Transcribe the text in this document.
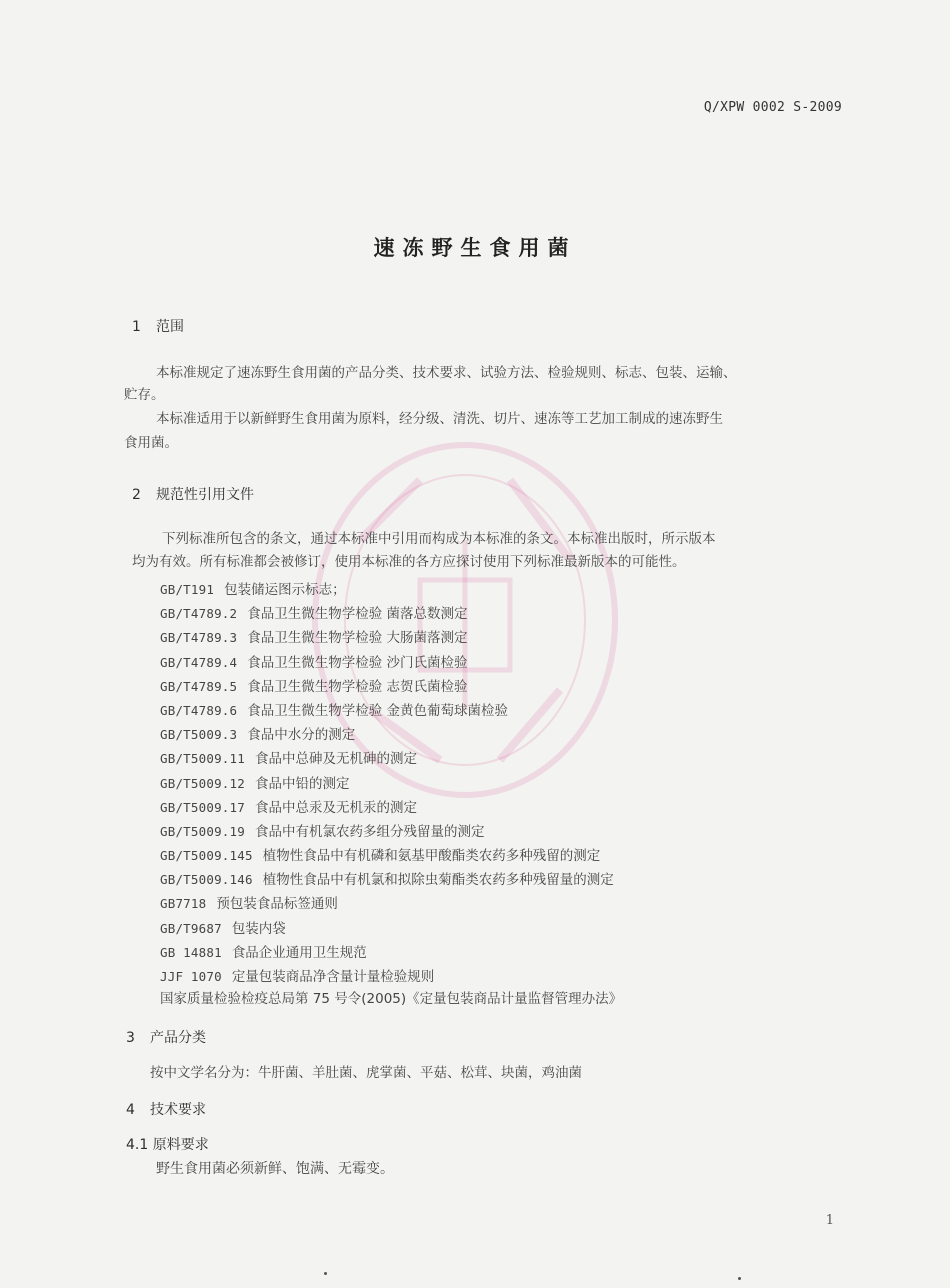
Q/XPW 0002 S-2009
速冻野生食用菌
1 范围
本标准规定了速冻野生食用菌的产品分类、技术要求、试验方法、检验规则、标志、包装、运输、
贮存。
本标准适用于以新鲜野生食用菌为原料，经分级、清洗、切片、速冻等工艺加工制成的速冻野生
食用菌。
2 规范性引用文件
下列标准所包含的条文，通过本标准中引用而构成为本标准的条文。本标准出版时，所示版本
均为有效。所有标准都会被修订，使用本标准的各方应探讨使用下列标准最新版本的可能性。
GB/T191 包装储运图示标志；
GB/T4789.2 食品卫生微生物学检验 菌落总数测定
GB/T4789.3 食品卫生微生物学检验 大肠菌落测定
GB/T4789.4 食品卫生微生物学检验 沙门氏菌检验
GB/T4789.5 食品卫生微生物学检验 志贺氏菌检验
GB/T4789.6 食品卫生微生物学检验 金黄色葡萄球菌检验
GB/T5009.3 食品中水分的测定
GB/T5009.11 食品中总砷及无机砷的测定
GB/T5009.12 食品中铅的测定
GB/T5009.17 食品中总汞及无机汞的测定
GB/T5009.19 食品中有机氯农药多组分残留量的测定
GB/T5009.145 植物性食品中有机磷和氨基甲酸酯类农药多种残留的测定
GB/T5009.146 植物性食品中有机氯和拟除虫菊酯类农药多种残留量的测定
GB7718 预包装食品标签通则
GB/T9687 包装内袋
GB 14881 食品企业通用卫生规范
JJF 1070 定量包装商品净含量计量检验规则
国家质量检验检疫总局第 75 号令(2005)《定量包装商品计量监督管理办法》
3 产品分类
按中文学名分为：牛肝菌、羊肚菌、虎掌菌、平菇、松茸、块菌，鸡油菌
4 技术要求
4.1 原料要求
野生食用菌必须新鲜、饱满、无霉变。
1
